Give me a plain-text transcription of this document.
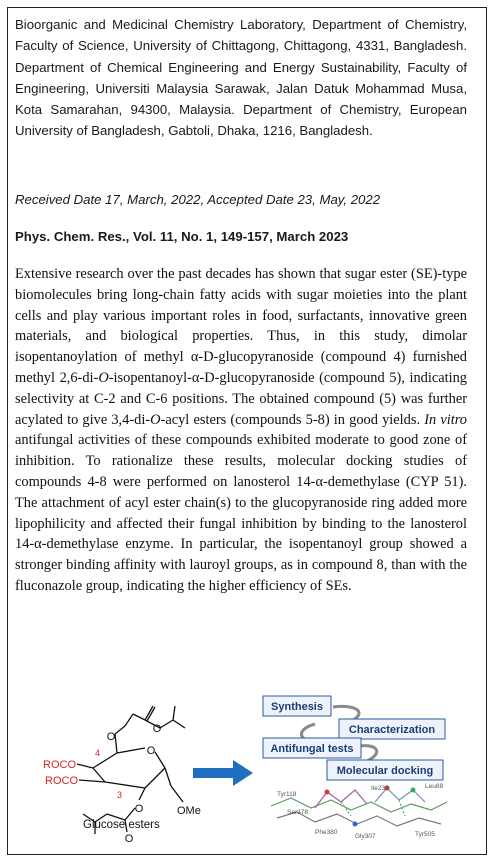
Bioorganic and Medicinal Chemistry Laboratory, Department of Chemistry, Faculty of Science, University of Chittagong, Chittagong, 4331, Bangladesh. Department of Chemical Engineering and Energy Sustainability, Faculty of Engineering, Universiti Malaysia Sarawak, Jalan Datuk Mohammad Musa, Kota Samarahan, 94300, Malaysia. Department of Chemistry, European University of Bangladesh, Gabtoli, Dhaka, 1216, Bangladesh.

Received Date 17, March, 2022, Accepted Date 23, May, 2022

Phys. Chem. Res., Vol. 11, No. 1, 149-157, March 2023

Extensive research over the past decades has shown that sugar ester (SE)-type biomolecules bring long-chain fatty acids with sugar moieties into the plant cells and play various important roles in food, surfactants, innovative green materials, and biological properties. Thus, in this study, dimolar isopentanoylation of methyl α-D-glucopyranoside (compound 4) furnished methyl 2,6-di-O-isopentanoyl-α-D-glucopyranoside (compound 5), indicating selectivity at C-2 and C-6 positions. The obtained compound (5) was further acylated to give 3,4-di-O-acyl esters (compounds 5-8) in good yields. In vitro antifungal activities of these compounds exhibited moderate to good zone of inhibition. To rationalize these results, molecular docking studies of compounds 4-8 were performed on lanosterol 14-α-demethylase (CYP 51). The attachment of acyl ester chain(s) to the glucopyranoside ring added more lipophilicity and affected their fungal inhibition by binding to the lanosterol 14-α-demethylase enzyme. In particular, the isopentanoyl group showed a stronger binding affinity with lauroyl groups, as in compound 8, than with the fluconazole group, indicating the higher efficiency of SEs.

O
O
O
O
O
OMe
ROCO
ROCO
4
3
Glucose esters
Synthesis
Characterization
Antifungal tests
Molecular docking
Tyr118
Ile233	Leu88
Ser378
Phe380	Tyr505
Gly307
